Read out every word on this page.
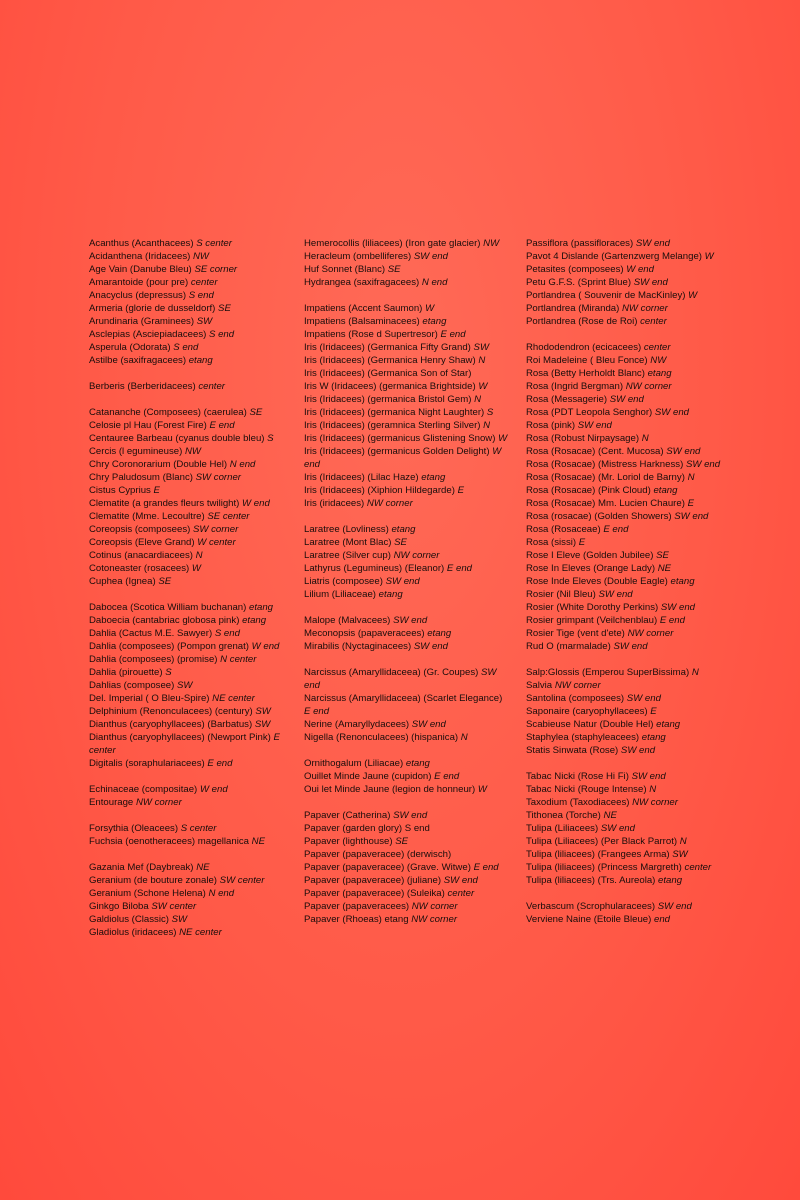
Acanthus (Acanthacees) S center
Acidanthena (Iridacees) NW
Age Vain (Danube Bleu) SE corner
Amarantoide (pour pre) center
Anacyclus (depressus) S end
Armeria (glorie de dusseldorf) SE
Arundinaria (Graminees) SW
Asclepias (Asciepiadacees) S end
Asperula (Odorata) S end
Astilbe (saxifragacees) etang
Berberis (Berberidacees) center
Catananche (Composees) (caerulea) SE
Celosie pl Hau (Forest Fire) E end
Centauree Barbeau (cyanus double bleu) S
Cercis (l egumineuse) NW
Chry Coronorarium (Double Hel) N end
Chry Paludosum (Blanc) SW corner
Cistus Cyprius E
Clematite (a grandes fleurs twilight) W end
Clematite (Mme. Lecoultre) SE center
Coreopsis (composees) SW corner
Coreopsis (Eleve Grand) W center
Cotinus (anacardiacees) N
Cotoneaster (rosacees) W
Cuphea (Ignea) SE
Dabocea (Scotica William buchanan) etang
Daboecia (cantabriac globosa pink) etang
Dahlia (Cactus M.E. Sawyer) S end
Dahlia (composees) (Pompon grenat) W end
Dahlia (composees) (promise) N center
Dahlia (pirouette) S
Dahlias (composee) SW
Del. Imperial ( O Bleu-Spire) NE center
Delphinium (Renonculacees) (century) SW
Dianthus (caryophyllacees) (Barbatus) SW
Dianthus (caryophyllacees) (Newport Pink) E center
Digitalis (soraphulariacees) E end
Echinaceae (compositae) W end
Entourage NW corner
Forsythia (Oleacees) S center
Fuchsia (oenotheracees) magellanica NE
Gazania Mef (Daybreak) NE
Geranium (de bouture zonale) SW center
Geranium (Schone Helena) N end
Ginkgo Biloba SW center
Galdiolus (Classic) SW
Gladiolus (iridacees) NE center
Hemerocollis (liliacees) (Iron gate glacier) NW
Heracleum (ombelliferes) SW end
Huf Sonnet (Blanc) SE
Hydrangea (saxifragacees) N end
Impatiens (Accent Saumon) W
Impatiens (Balsaminacees) etang
Impatiens (Rose d Supertresor) E end
Iris (Iridacees) (Germanica Fifty Grand) SW
Iris (Iridacees) (Germanica Henry Shaw) N
Iris (Iridacees) (Germanica Son of Star)
Iris W (Iridacees) (germanica Brightside) W
Iris (Iridacees) (germanica Bristol Gem) N
Iris (Iridacees) (germanica Night Laughter) S
Iris (Iridacees) (geramnica Sterling Silver) N
Iris (Iridacees) (germanicus Glistening Snow) W
Iris (Iridacees) (germanicus Golden Delight) W end
Iris (Iridacees) (Lilac Haze) etang
Iris (Iridacees) (Xiphion Hildegarde) E
Iris (iridacees) NW corner
Laratree (Lovliness) etang
Laratree (Mont Blac) SE
Laratree (Silver cup) NW corner
Lathyrus (Legumineus) (Eleanor) E end
Liatris (composee) SW end
Lilium (Liliaceae) etang
Malope (Malvacees) SW end
Meconopsis (papaveracees) etang
Mirabilis (Nyctaginacees) SW end
Narcissus (Amaryllidaceea) (Gr. Coupes) SW end
Narcissus (Amaryllidaceea) (Scarlet Elegance) E end
Nerine (Amaryllydacees) SW end
Nigella (Renonculacees) (hispanica) N
Ornithogalum (Liliacae) etang
Ouillet Minde Jaune (cupidon) E end
Oui let Minde Jaune (legion de honneur) W
Papaver (Catherina) SW end
Papaver (garden glory) S end
Papaver (lighthouse) SE
Papaver (papaveracee) (derwisch)
Papaver (papaveracee) (Grave. Witwe) E end
Papaver (papaveracee) (juliane) SW end
Papaver (papaveracee) (Suleika) center
Papaver (papaveracees) NW corner
Papaver (Rhoeas) etang NW corner
Passiflora (passifloraces) SW end
Pavot 4 Dislande (Gartenzwerg Melange) W
Petasites (composees) W end
Petu G.F.S. (Sprint Blue) SW end
Portlandrea ( Souvenir de MacKinley) W
Portlandrea (Miranda) NW corner
Portlandrea (Rose de Roi) center
Rhododendron (ecicacees) center
Roi Madeleine ( Bleu Fonce) NW
Rosa (Betty Herholdt Blanc) etang
Rosa (Ingrid Bergman) NW corner
Rosa (Messagerie) SW end
Rosa (PDT Leopola Senghor) SW end
Rosa (pink) SW end
Rosa (Robust Nirpaysage) N
Rosa (Rosacae) (Cent. Mucosa) SW end
Rosa (Rosacae) (Mistress Harkness) SW end
Rosa (Rosacae) (Mr. Loriol de Barny) N
Rosa (Rosacae) (Pink Cloud) etang
Rosa (Rosacae) Mm. Lucien Chaure) E
Rosa (rosacae) (Golden Showers) SW end
Rosa (Rosaceae) E end
Rosa (sissi) E
Rose I Eleve (Golden Jubilee) SE
Rose In Eleves (Orange Lady) NE
Rose Inde Eleves (Double Eagle) etang
Rosier (Nil Bleu) SW end
Rosier (White Dorothy Perkins) SW end
Rosier grimpant (Veilchenblau) E end
Rosier Tige (vent d'ete) NW corner
Rud O (marmalade) SW end
Salp:Glossis (Emperou SuperBissima) N
Salvia NW corner
Santolina (composees) SW end
Saponaire (caryophyllacees) E
Scabieuse Natur (Double Hel) etang
Staphylea (staphyleacees) etang
Statis Sinwata (Rose) SW end
Tabac Nicki (Rose Hi Fi) SW end
Tabac Nicki (Rouge Intense) N
Taxodium (Taxodiacees) NW corner
Tithonea (Torche) NE
Tulipa (Liliacees) SW end
Tulipa (Liliacees) (Per Black Parrot) N
Tulipa (liliacees) (Frangees Arma) SW
Tulipa (liliacees) (Princess Margreth) center
Tulipa (liliacees) (Trs. Aureola) etang
Verbascum (Scrophularacees) SW end
Verviene Naine (Etoile Bleue) end
